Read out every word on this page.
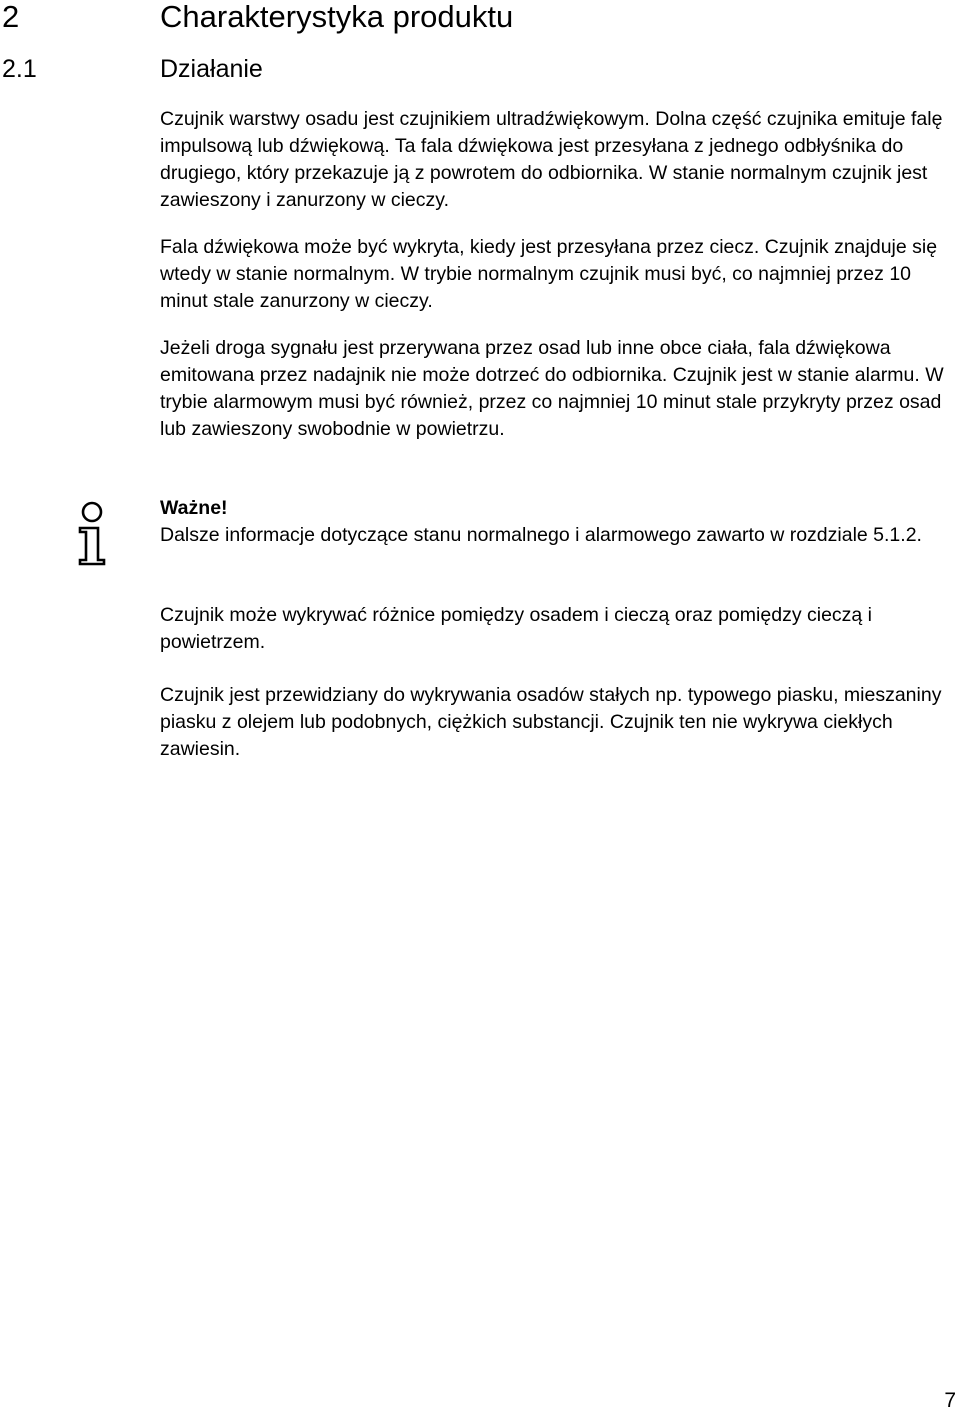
2	Charakterystyka produktu
2.1	Działanie

Czujnik warstwy osadu jest czujnikiem ultradźwiękowym. Dolna część czujnika emituje falę impulsową lub dźwiękową. Ta fala dźwiękowa jest przesyłana z jednego odbłyśnika do drugiego, który przekazuje ją z powrotem do odbiornika. W stanie normalnym czujnik jest zawieszony i zanurzony w cieczy.

Fala dźwiękowa może być wykryta, kiedy jest przesyłana przez ciecz. Czujnik znajduje się wtedy w stanie normalnym. W trybie normalnym czujnik musi być, co najmniej przez 10 minut stale zanurzony w cieczy.

Jeżeli droga sygnału jest przerywana przez osad lub inne obce ciała, fala dźwiękowa emitowana przez nadajnik nie może dotrzeć do odbiornika. Czujnik jest w stanie alarmu. W trybie alarmowym musi być również, przez co najmniej 10 minut stale przykryty przez osad lub zawieszony swobodnie w powietrzu.

Ważne!

Dalsze informacje dotyczące stanu normalnego i alarmowego zawarto w rozdziale 5.1.2.

Czujnik może wykrywać różnice pomiędzy osadem i cieczą oraz pomiędzy cieczą i powietrzem.

Czujnik jest przewidziany do wykrywania osadów stałych np. typowego piasku, mieszaniny piasku z olejem lub podobnych, ciężkich substancji. Czujnik ten nie wykrywa ciekłych zawiesin.

7
